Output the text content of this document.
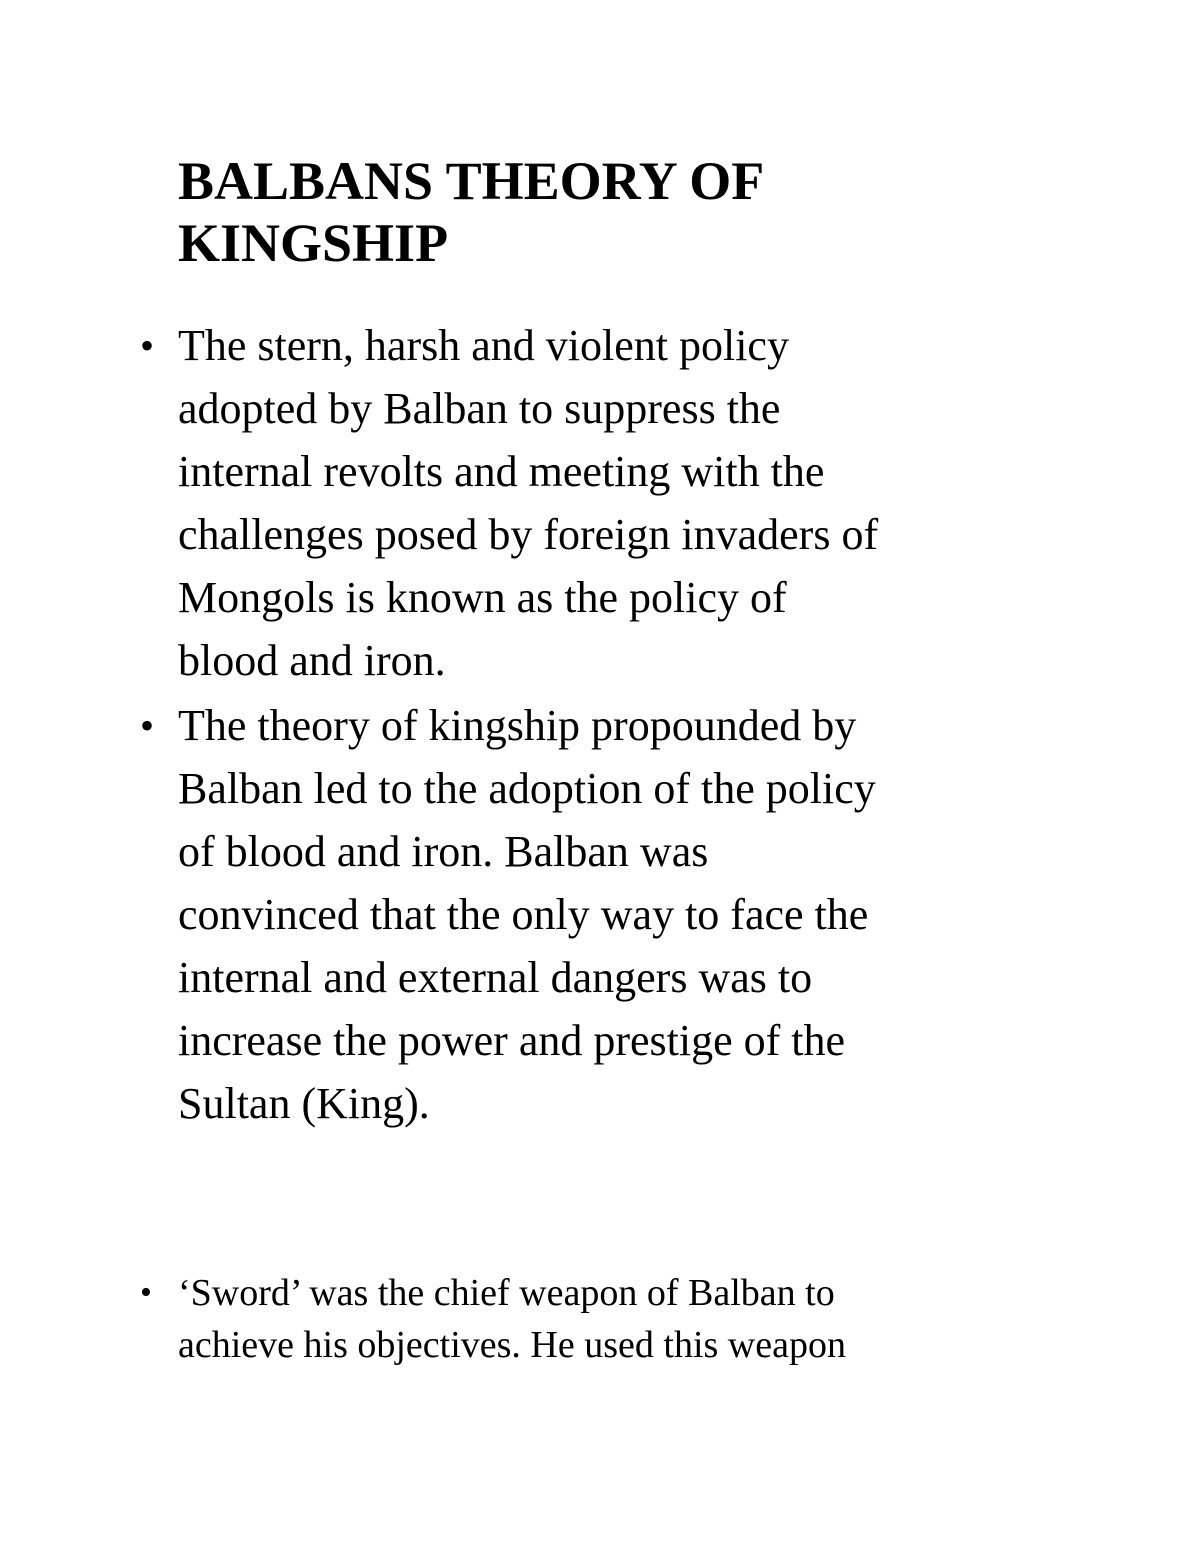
BALBANS THEORY OF
KINGSHIP
• The stern, harsh and violent policy
adopted by Balban to suppress the
internal revolts and meeting with the
challenges posed by foreign invaders of
Mongols is known as the policy of
blood and iron.
• The theory of kingship propounded by
Balban led to the adoption of the policy
of blood and iron. Balban was
convinced that the only way to face the
internal and external dangers was to
increase the power and prestige of the
Sultan (King).
• ‘Sword’ was the chief weapon of Balban to
achieve his objectives. He used this weapon
